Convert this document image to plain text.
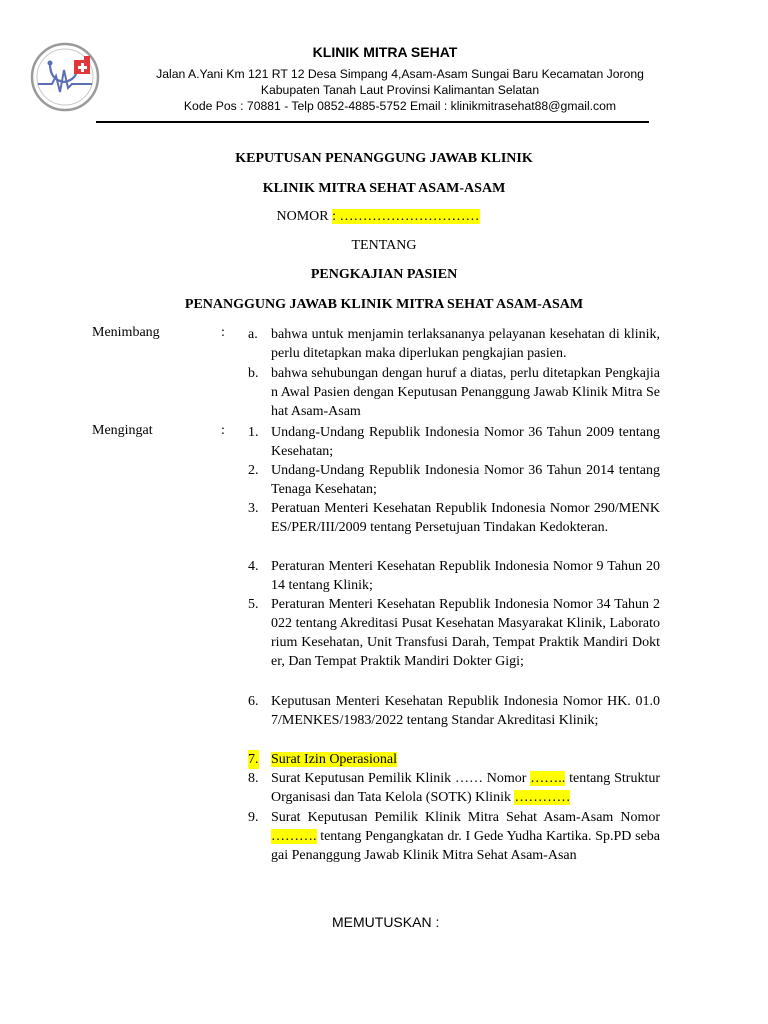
KLINIK MITRA SEHAT
Jalan A.Yani Km 121 RT 12 Desa Simpang 4,Asam-Asam Sungai Baru Kecamatan Jorong
Kabupaten Tanah Laut Provinsi Kalimantan Selatan
Kode Pos : 70881 - Telp 0852-4885-5752 Email : klinikmitrasehat88@gmail.com
KEPUTUSAN PENANGGUNG JAWAB KLINIK
KLINIK MITRA SEHAT ASAM-ASAM
NOMOR : …………………………
TENTANG
PENGKAJIAN PASIEN
PENANGGUNG JAWAB KLINIK MITRA SEHAT ASAM-ASAM
Menimbang	: a. bahwa untuk menjamin terlaksananya pelayanan kesehatan di klinik, perlu ditetapkan maka diperlukan pengkajian pasien.
b. bahwa sehubungan dengan huruf a diatas, perlu ditetapkan Pengkajian Awal Pasien dengan Keputusan Penanggung Jawab Klinik Mitra Sehat Asam-Asam
Mengingat	: 1. Undang-Undang Republik Indonesia Nomor 36 Tahun 2009 tentang Kesehatan;
2. Undang-Undang Republik Indonesia Nomor 36 Tahun 2014 tentang Tenaga Kesehatan;
3. Peratuan Menteri Kesehatan Republik Indonesia Nomor 290/MENKES/PER/III/2009 tentang Persetujuan Tindakan Kedokteran.
4. Peraturan Menteri Kesehatan Republik Indonesia Nomor 9 Tahun 2014 tentang Klinik;
5. Peraturan Menteri Kesehatan Republik Indonesia Nomor 34 Tahun 2022 tentang Akreditasi Pusat Kesehatan Masyarakat Klinik, Laboratorium Kesehatan, Unit Transfusi Darah, Tempat Praktik Mandiri Dokter, Dan Tempat Praktik Mandiri Dokter Gigi;
6. Keputusan Menteri Kesehatan Republik Indonesia Nomor HK. 01.07/MENKES/1983/2022 tentang Standar Akreditasi Klinik;
7. Surat Izin Operasional
8. Surat Keputusan Pemilik Klinik …… Nomor …….. tentang Struktur Organisasi dan Tata Kelola (SOTK) Klinik …………
9. Surat Keputusan Pemilik Klinik Mitra Sehat Asam-Asam Nomor ………. tentang Pengangkatan dr. I Gede Yudha Kartika. Sp.PD sebagai Penanggung Jawab Klinik Mitra Sehat Asam-Asan
MEMUTUSKAN :
